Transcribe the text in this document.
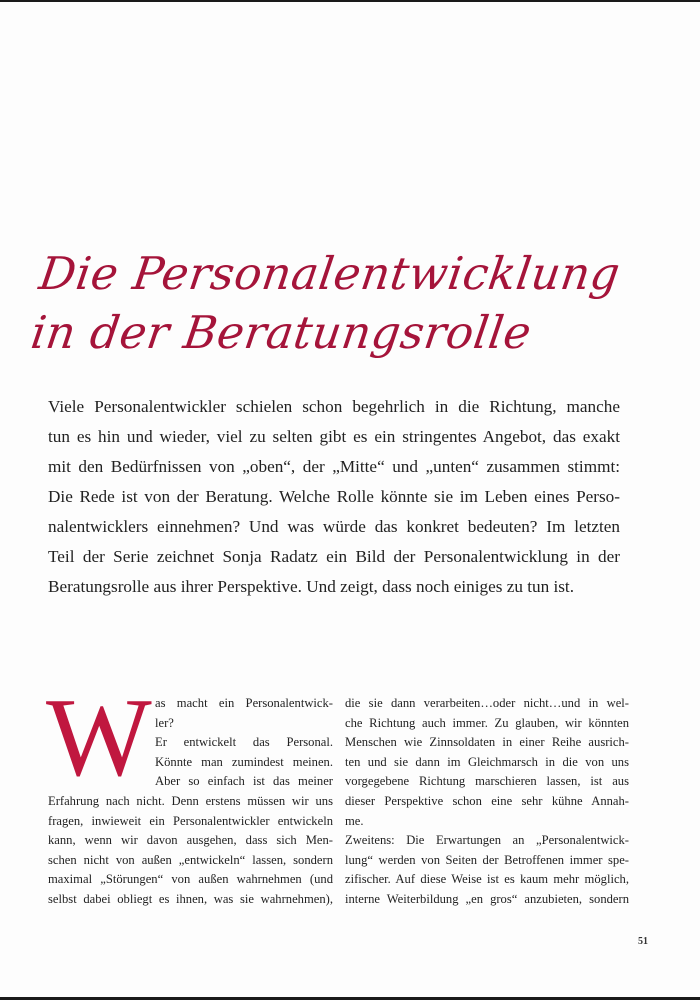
Die Personalentwicklung
in der Beratungsrolle
Viele Personalentwickler schielen schon begehrlich in die Richtung, manche
tun es hin und wieder, viel zu selten gibt es ein stringentes Angebot, das exakt
mit den Bedürfnissen von „oben“, der „Mitte“ und „unten“ zusammen stimmt:
Die Rede ist von der Beratung. Welche Rolle könnte sie im Leben eines Perso-
nalentwicklers einnehmen? Und was würde das konkret bedeuten? Im letzten
Teil der Serie zeichnet Sonja Radatz ein Bild der Personalentwicklung in der
Beratungsrolle aus ihrer Perspektive. Und zeigt, dass noch einiges zu tun ist.
W as macht ein Personalentwick-
ler?
Er entwickelt das Personal.
Könnte man zumindest meinen.
Aber so einfach ist das meiner
Erfahrung nach nicht. Denn erstens müssen wir uns
fragen, inwieweit ein Personalentwickler entwickeln
kann, wenn wir davon ausgehen, dass sich Men-
schen nicht von außen „entwickeln“ lassen, sondern
maximal „Störungen“ von außen wahrnehmen (und
selbst dabei obliegt es ihnen, was sie wahrnehmen),
die sie dann verarbeiten…oder nicht…und in wel-
che Richtung auch immer. Zu glauben, wir könnten
Menschen wie Zinnsoldaten in einer Reihe ausrich-
ten und sie dann im Gleichmarsch in die von uns
vorgegebene Richtung marschieren lassen, ist aus
dieser Perspektive schon eine sehr kühne Annah-
me.
Zweitens: Die Erwartungen an „Personalentwick-
lung“ werden von Seiten der Betroffenen immer spe-
zifischer. Auf diese Weise ist es kaum mehr möglich,
interne Weiterbildung „en gros“ anzubieten, sondern
51
